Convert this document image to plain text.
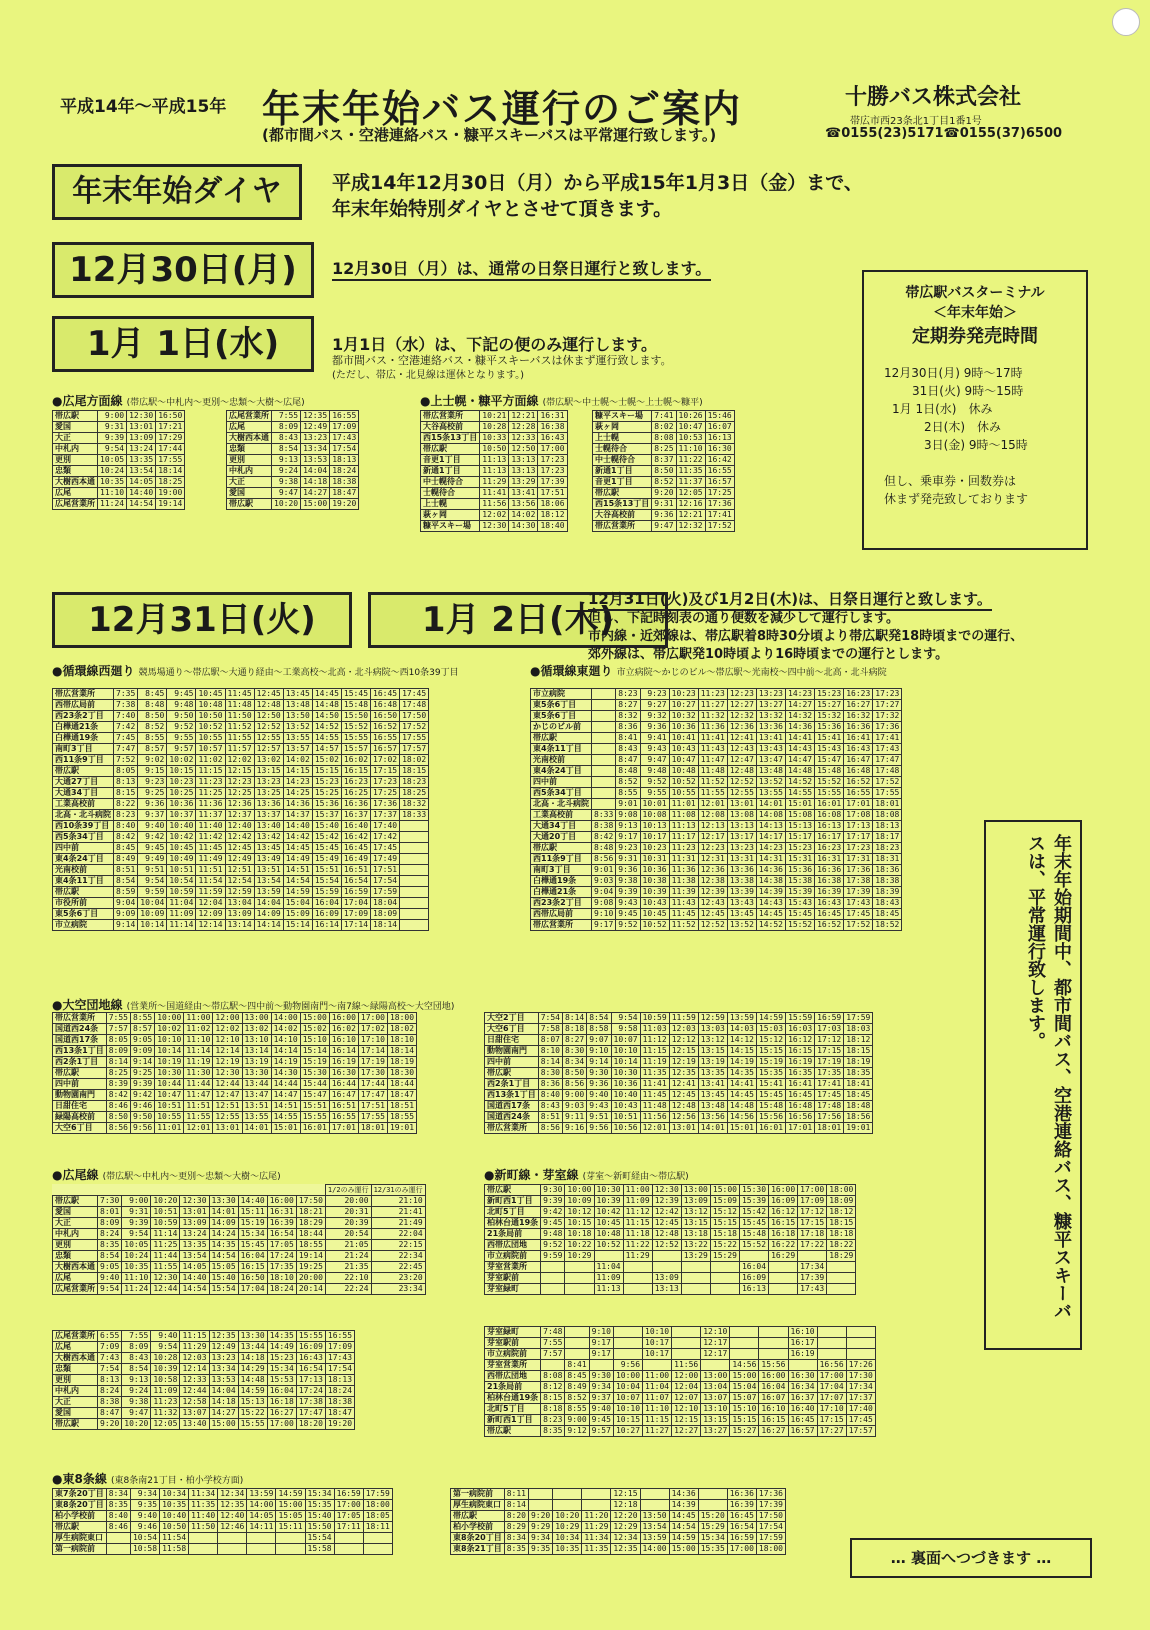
平成14年～平成15年 年末年始バス運行のご案内
(都市間バス・空港連絡バス・糠平スキーバスは平常運行致します。)
十勝バス株式会社
帯広市西23条北1丁目1番1号
☎0155(23)5171☎0155(37)6500
年末年始ダイヤ	平成14年12月30日（月）から平成15年1月3日（金）まで、
年末年始特別ダイヤとさせて頂きます。
12月30日(月)	12月30日（月）は、通常の日祭日運行と致します。
1月 1日(水)	1月1日（水）は、下記の便のみ運行します。
都市間バス・空港連絡バス・糠平スキーバスは休まず運行致します。
(ただし、帯広・北見線は運休となります。)
帯広駅バスターミナル
＜年末年始＞
定期券発売時間
12月30日(月) 9時～17時
31日(火) 9時～15時
1月 1日(水)　休み
2日(木)　休み
3日(金) 9時～15時
但し、乗車券・回数券は
休まず発売致しております
●広尾方面線 (帯広駅～中札内～更別～忠類～大樹～広尾)	●上士幌・糠平方面線 (帯広駅～中士幌～士幌～上士幌～糠平)
帯広駅	9:00	12:30	16:50
愛国	9:31	13:01	17:21
大正	9:39	13:09	17:29
中札内	9:54	13:24	17:44
更別	10:05	13:35	17:55
忠類	10:24	13:54	18:14
大樹西本通	10:35	14:05	18:25
広尾	11:10	14:40	19:00
広尾営業所	11:24	14:54	19:14
広尾営業所	7:55	12:35	16:55
広尾	8:09	12:49	17:09
大樹西本通	8:43	13:23	17:43
忠類	8:54	13:34	17:54
更別	9:13	13:53	18:13
中札内	9:24	14:04	18:24
大正	9:38	14:18	18:38
愛国	9:47	14:27	18:47
帯広駅	10:20	15:00	19:20
帯広営業所	10:21	12:21	16:31
大谷高校前	10:28	12:28	16:38
西15条13丁目	10:33	12:33	16:43
帯広駅	10:50	12:50	17:00
音更1丁目	11:13	13:13	17:23
新通1丁目	11:13	13:13	17:23
中士幌待合	11:29	13:29	17:39
士幌待合	11:41	13:41	17:51
上士幌	11:56	13:56	18:06
萩ヶ岡	12:02	14:02	18:12
糠平スキー場	12:30	14:30	18:40
糠平スキー場	7:41	10:26	15:46
萩ヶ岡	8:02	10:47	16:07
上士幌	8:08	10:53	16:13
士幌待合	8:25	11:10	16:30
中士幌待合	8:37	11:22	16:42
新通1丁目	8:50	11:35	16:55
音更1丁目	8:52	11:37	16:57
帯広駅	9:20	12:05	17:25
西15条13丁目	9:31	12:16	17:36
大谷高校前	9:36	12:21	17:41
帯広営業所	9:47	12:32	17:52
12月31日(火)	1月 2日(木)
12月31日(火)及び1月2日(木)は、日祭日運行と致します。
但し、下記時刻表の通り便数を減少して運行します。
市内線・近郊線は、帯広駅着8時30分頃より帯広駅発18時頃までの運行、
郊外線は、帯広駅発10時頃より16時頃までの運行とします。
●循環線西廻り 競馬場通り～帯広駅～大通り経由～工業高校～北高・北斗病院～西10条39丁目	●循環線東廻り 市立病院～かじのビル～帯広駅～光南校～四中前～北高・北斗病院
帯広営業所	7:35	8:45	9:45	10:45	11:45	12:45	13:45	14:45	15:45	16:45	17:45
西帯広局前	7:38	8:48	9:48	10:48	11:48	12:48	13:48	14:48	15:48	16:48	17:48
西23条2丁目	7:40	8:50	9:50	10:50	11:50	12:50	13:50	14:50	15:50	16:50	17:50
白樺通21条	7:42	8:52	9:52	10:52	11:52	12:52	13:52	14:52	15:52	16:52	17:52
白樺通19条	7:45	8:55	9:55	10:55	11:55	12:55	13:55	14:55	15:55	16:55	17:55
南町3丁目	7:47	8:57	9:57	10:57	11:57	12:57	13:57	14:57	15:57	16:57	17:57
西11条9丁目	7:52	9:02	10:02	11:02	12:02	13:02	14:02	15:02	16:02	17:02	18:02
帯広駅	8:05	9:15	10:15	11:15	12:15	13:15	14:15	15:15	16:15	17:15	18:15
大通27丁目	8:13	9:23	10:23	11:23	12:23	13:23	14:23	15:23	16:23	17:23	18:23
大通34丁目	8:15	9:25	10:25	11:25	12:25	13:25	14:25	15:25	16:25	17:25	18:25
工業高校前	8:22	9:36	10:36	11:36	12:36	13:36	14:36	15:36	16:36	17:36	18:32
北高・北斗病院	8:23	9:37	10:37	11:37	12:37	13:37	14:37	15:37	16:37	17:37	18:33
西10条39丁目	8:40	9:40	10:40	11:40	12:40	13:40	14:40	15:40	16:40	17:40	
西5条34丁目	8:42	9:42	10:42	11:42	12:42	13:42	14:42	15:42	16:42	17:42	
四中前	8:45	9:45	10:45	11:45	12:45	13:45	14:45	15:45	16:45	17:45	
東4条24丁目	8:49	9:49	10:49	11:49	12:49	13:49	14:49	15:49	16:49	17:49	
光南校前	8:51	9:51	10:51	11:51	12:51	13:51	14:51	15:51	16:51	17:51	
東4条11丁目	8:54	9:54	10:54	11:54	12:54	13:54	14:54	15:54	16:54	17:54	
帯広駅	8:59	9:59	10:59	11:59	12:59	13:59	14:59	15:59	16:59	17:59	
市役所前	9:04	10:04	11:04	12:04	13:04	14:04	15:04	16:04	17:04	18:04	
東5条6丁目	9:09	10:09	11:09	12:09	13:09	14:09	15:09	16:09	17:09	18:09	
市立病院	9:14	10:14	11:14	12:14	13:14	14:14	15:14	16:14	17:14	18:14	
市立病院		8:23	9:23	10:23	11:23	12:23	13:23	14:23	15:23	16:23	17:23
東5条6丁目		8:27	9:27	10:27	11:27	12:27	13:27	14:27	15:27	16:27	17:27
東5条6丁目		8:32	9:32	10:32	11:32	12:32	13:32	14:32	15:32	16:32	17:32
かじのビル前		8:36	9:36	10:36	11:36	12:36	13:36	14:36	15:36	16:36	17:36
帯広駅		8:41	9:41	10:41	11:41	12:41	13:41	14:41	15:41	16:41	17:41
東4条11丁目		8:43	9:43	10:43	11:43	12:43	13:43	14:43	15:43	16:43	17:43
光南校前		8:47	9:47	10:47	11:47	12:47	13:47	14:47	15:47	16:47	17:47
東4条24丁目		8:48	9:48	10:48	11:48	12:48	13:48	14:48	15:48	16:48	17:48
四中前		8:52	9:52	10:52	11:52	12:52	13:52	14:52	15:52	16:52	17:52
西5条34丁目		8:55	9:55	10:55	11:55	12:55	13:55	14:55	15:55	16:55	17:55
北高・北斗病院		9:01	10:01	11:01	12:01	13:01	14:01	15:01	16:01	17:01	18:01
工業高校前	8:33	9:08	10:08	11:08	12:08	13:08	14:08	15:08	16:08	17:08	18:08
大通34丁目	8:38	9:13	10:13	11:13	12:13	13:13	14:13	15:13	16:13	17:13	18:13
大通20丁目	8:42	9:17	10:17	11:17	12:17	13:17	14:17	15:17	16:17	17:17	18:17
帯広駅	8:48	9:23	10:23	11:23	12:23	13:23	14:23	15:23	16:23	17:23	18:23
西11条9丁目	8:56	9:31	10:31	11:31	12:31	13:31	14:31	15:31	16:31	17:31	18:31
南町3丁目	9:01	9:36	10:36	11:36	12:36	13:36	14:36	15:36	16:36	17:36	18:36
白樺通19条	9:03	9:38	10:38	11:38	12:38	13:38	14:38	15:38	16:38	17:38	18:38
白樺通21条	9:04	9:39	10:39	11:39	12:39	13:39	14:39	15:39	16:39	17:39	18:39
西23条2丁目	9:08	9:43	10:43	11:43	12:43	13:43	14:43	15:43	16:43	17:43	18:43
西帯広局前	9:10	9:45	10:45	11:45	12:45	13:45	14:45	15:45	16:45	17:45	18:45
帯広営業所	9:17	9:52	10:52	11:52	12:52	13:52	14:52	15:52	16:52	17:52	18:52	年末年始期間中、都市間バス、空港連絡バス、糠平スキーバスは、平常運行致します。
●大空団地線 (営業所～国道経由～帯広駅～四中前～動物園南門～南7線～緑陽高校～大空団地)
帯広営業所	7:55	8:55	10:00	11:00	12:00	13:00	14:00	15:00	16:00	17:00	18:00
国道西24条	7:57	8:57	10:02	11:02	12:02	13:02	14:02	15:02	16:02	17:02	18:02
国道西17条	8:05	9:05	10:10	11:10	12:10	13:10	14:10	15:10	16:10	17:10	18:10
西13条1丁目	8:09	9:09	10:14	11:14	12:14	13:14	14:14	15:14	16:14	17:14	18:14
西2条1丁目	8:14	9:14	10:19	11:19	12:19	13:19	14:19	15:19	16:19	17:19	18:19
帯広駅	8:25	9:25	10:30	11:30	12:30	13:30	14:30	15:30	16:30	17:30	18:30
四中前	8:39	9:39	10:44	11:44	12:44	13:44	14:44	15:44	16:44	17:44	18:44
動物園南門	8:42	9:42	10:47	11:47	12:47	13:47	14:47	15:47	16:47	17:47	18:47
日甜住宅	8:46	9:46	10:51	11:51	12:51	13:51	14:51	15:51	16:51	17:51	18:51
緑陽高校前	8:50	9:50	10:55	11:55	12:55	13:55	14:55	15:55	16:55	17:55	18:55
大空6丁目	8:56	9:56	11:01	12:01	13:01	14:01	15:01	16:01	17:01	18:01	19:01
大空2丁目	7:54	8:14	8:54	9:54	10:59	11:59	12:59	13:59	14:59	15:59	16:59	17:59
大空6丁目	7:58	8:18	8:58	9:58	11:03	12:03	13:03	14:03	15:03	16:03	17:03	18:03
日甜住宅	8:07	8:27	9:07	10:07	11:12	12:12	13:12	14:12	15:12	16:12	17:12	18:12
動物園南門	8:10	8:30	9:10	10:10	11:15	12:15	13:15	14:15	15:15	16:15	17:15	18:15
四中前	8:14	8:34	9:14	10:14	11:19	12:19	13:19	14:19	15:19	16:19	17:19	18:19
帯広駅	8:30	8:50	9:30	10:30	11:35	12:35	13:35	14:35	15:35	16:35	17:35	18:35
西2条1丁目	8:36	8:56	9:36	10:36	11:41	12:41	13:41	14:41	15:41	16:41	17:41	18:41
西13条1丁目	8:40	9:00	9:40	10:40	11:45	12:45	13:45	14:45	15:45	16:45	17:45	18:45
国道西17条	8:43	9:03	9:43	10:43	11:48	12:48	13:48	14:48	15:48	16:48	17:48	18:48
国道西24条	8:51	9:11	9:51	10:51	11:56	12:56	13:56	14:56	15:56	16:56	17:56	18:56
帯広営業所	8:56	9:16	9:56	10:56	12:01	13:01	14:01	15:01	16:01	17:01	18:01	19:01
●広尾線 (帯広駅～中札内～更別～忠類～大樹～広尾)	●新町線・芽室線 (芽室～新町経由～帯広駅)
									1/2のみ運行	12/31のみ運行
帯広駅	7:30	9:00	10:20	12:30	13:30	14:40	16:00	17:50	20:00	21:10
愛国	8:01	9:31	10:51	13:01	14:01	15:11	16:31	18:21	20:31	21:41
大正	8:09	9:39	10:59	13:09	14:09	15:19	16:39	18:29	20:39	21:49
中札内	8:24	9:54	11:14	13:24	14:24	15:34	16:54	18:44	20:54	22:04
更別	8:35	10:05	11:25	13:35	14:35	15:45	17:05	18:55	21:05	22:15
忠類	8:54	10:24	11:44	13:54	14:54	16:04	17:24	19:14	21:24	22:34
大樹西本通	9:05	10:35	11:55	14:05	15:05	16:15	17:35	19:25	21:35	22:45
広尾	9:40	11:10	12:30	14:40	15:40	16:50	18:10	20:00	22:10	23:20
広尾営業所	9:54	11:24	12:44	14:54	15:54	17:04	18:24	20:14	22:24	23:34
広尾営業所	6:55	7:55	9:40	11:15	12:35	13:30	14:35	15:55	16:55
広尾	7:09	8:09	9:54	11:29	12:49	13:44	14:49	16:09	17:09
大樹西本通	7:43	8:43	10:28	12:03	13:23	14:18	15:23	16:43	17:43
忠類	7:54	8:54	10:39	12:14	13:34	14:29	15:34	16:54	17:54
更別	8:13	9:13	10:58	12:33	13:53	14:48	15:53	17:13	18:13
中札内	8:24	9:24	11:09	12:44	14:04	14:59	16:04	17:24	18:24
大正	8:38	9:38	11:23	12:58	14:18	15:13	16:18	17:38	18:38
愛国	8:47	9:47	11:32	13:07	14:27	15:22	16:27	17:47	18:47
帯広駅	9:20	10:20	12:05	13:40	15:00	15:55	17:00	18:20	19:20
帯広駅	9:30	10:00	10:30	11:00	12:30	13:00	15:00	15:30	16:00	17:00	18:00
新町西1丁目	9:39	10:09	10:39	11:09	12:39	13:09	15:09	15:39	16:09	17:09	18:09
北町5丁目	9:42	10:12	10:42	11:12	12:42	13:12	15:12	15:42	16:12	17:12	18:12
柏林台通19条	9:45	10:15	10:45	11:15	12:45	13:15	15:15	15:45	16:15	17:15	18:15
21条局前	9:48	10:18	10:48	11:18	12:48	13:18	15:18	15:48	16:18	17:18	18:18
西帯広団地	9:52	10:22	10:52	11:22	12:52	13:22	15:22	15:52	16:22	17:22	18:22
市立病院前	9:59	10:29		11:29		13:29	15:29		16:29		18:29
芽室営業所			11:04					16:04		17:34	
芽室駅前			11:09		13:09			16:09		17:39	
芽室緑町			11:13		13:13			16:13		17:43	
芽室緑町	7:48		9:10		10:10		12:10			16:10		
芽室駅前	7:55		9:17		10:17		12:17			16:17		
市立病院前	7:57		9:17		10:17		12:17			16:19		
芽室営業所		8:41		9:56		11:56		14:56	15:56		16:56	17:26
西帯広団地	8:08	8:45	9:30	10:00	11:00	12:00	13:00	15:00	16:00	16:30	17:00	17:30
21条局前	8:12	8:49	9:34	10:04	11:04	12:04	13:04	15:04	16:04	16:34	17:04	17:34
柏林台通19条	8:15	8:52	9:37	10:07	11:07	12:07	13:07	15:07	16:07	16:37	17:07	17:37
北町5丁目	8:18	8:55	9:40	10:10	11:10	12:10	13:10	15:10	16:10	16:40	17:10	17:40
新町西1丁目	8:23	9:00	9:45	10:15	11:15	12:15	13:15	15:15	16:15	16:45	17:15	17:45
帯広駅	8:35	9:12	9:57	10:27	11:27	12:27	13:27	15:27	16:27	16:57	17:27	17:57
●東8条線 (東8条南21丁目・柏小学校方面)
東7条20丁目	8:34	9:34	10:34	11:34	12:34	13:59	14:59	15:34	16:59	17:59
東8条20丁目	8:35	9:35	10:35	11:35	12:35	14:00	15:00	15:35	17:00	18:00
柏小学校前	8:40	9:40	10:40	11:40	12:40	14:05	15:05	15:40	17:05	18:05
帯広駅	8:46	9:46	10:50	11:50	12:46	14:11	15:11	15:50	17:11	18:11
厚生病院東口		10:54	11:54					15:54		
第一病院前		10:58	11:58					15:58		
第一病院前	8:11				12:15		14:36		16:36	17:36
厚生病院東口	8:14				12:18		14:39		16:39	17:39
帯広駅	8:20	9:20	10:20	11:20	12:20	13:50	14:45	15:20	16:45	17:50
柏小学校前	8:29	9:29	10:29	11:29	12:29	13:54	14:54	15:29	16:54	17:54
東8条20丁目	8:34	9:34	10:34	11:34	12:34	13:59	14:59	15:34	16:59	17:59
東8条21丁目	8:35	9:35	10:35	11:35	12:35	14:00	15:00	15:35	17:00	18:00
… 裏面へつづきます …
